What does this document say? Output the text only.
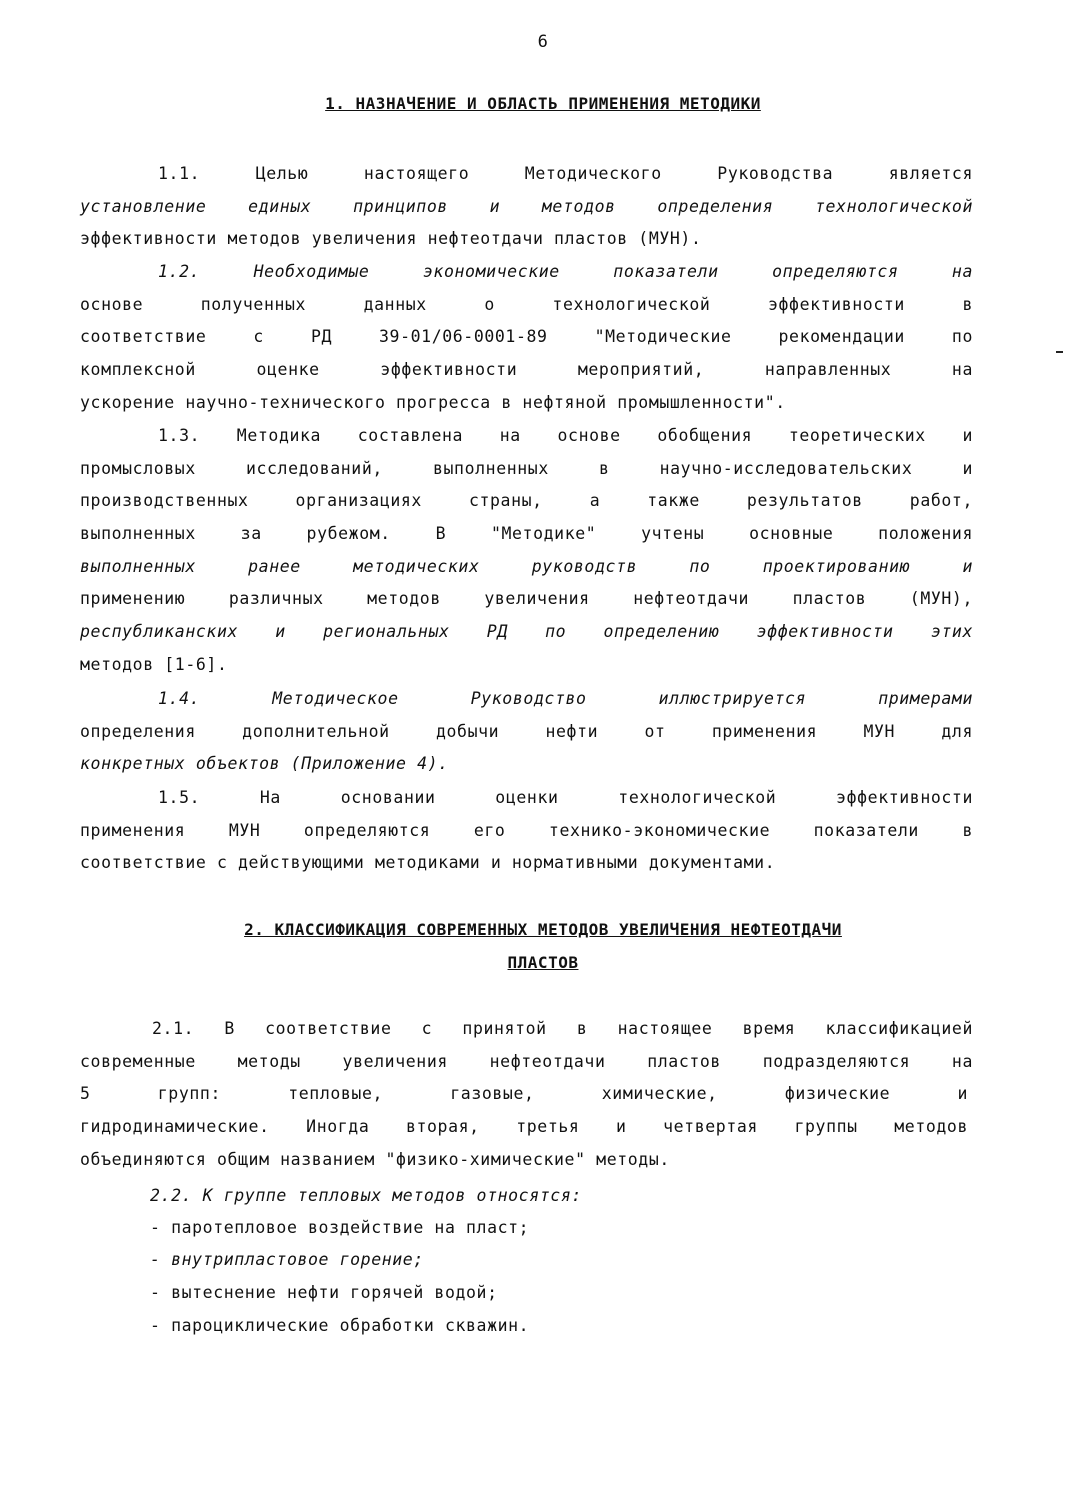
6
1. НАЗНАЧЕНИЕ И ОБЛАСТЬ ПРИМЕНЕНИЯ МЕТОДИКИ
1.1. Целью настоящего Методического Руководства является
установление единых принципов и методов определения технологической
эффективности методов увеличения нефтеотдачи пластов (МУН).
1.2. Необходимые экономические показатели определяются на
основе полученных данных о технологической эффективности в
соответствие с РД 39-01/06-0001-89 "Методические рекомендации по
комплексной оценке эффективности мероприятий, направленных на
ускорение научно-технического прогресса в нефтяной промышленности".
1.3. Методика составлена на основе обобщения теоретических и
промысловых исследований, выполненных в научно-исследовательских и
производственных организациях страны, а также результатов работ,
выполненных за рубежом. В "Методике" учтены основные положения
выполненных ранее методических руководств по проектированию и
применению различных методов увеличения нефтеотдачи пластов (МУН),
республиканских и региональных РД по определению эффективности этих
методов [1-6].
1.4. Методическое Руководство иллюстрируется примерами
определения дополнительной добычи нефти от применения МУН для
конкретных объектов (Приложение 4).
1.5. На основании оценки технологической эффективности
применения МУН определяются его технико-экономические показатели в
соответствие с действующими методиками и нормативными документами.
2. КЛАССИФИКАЦИЯ СОВРЕМЕННЫХ МЕТОДОВ УВЕЛИЧЕНИЯ НЕФТЕОТДАЧИ
ПЛАСТОВ
2.1. В соответствие с принятой в настоящее время классификацией
современные методы увеличения нефтеотдачи пластов подразделяются на
5 групп: тепловые, газовые, химические, физические и
гидродинамические. Иногда вторая, третья и четвертая группы методов
объединяются общим названием "физико-химические" методы.
2.2. К группе тепловых методов относятся:
- паротепловое воздействие на пласт;
- внутрипластовое горение;
- вытеснение нефти горячей водой;
- пароциклические обработки скважин.
